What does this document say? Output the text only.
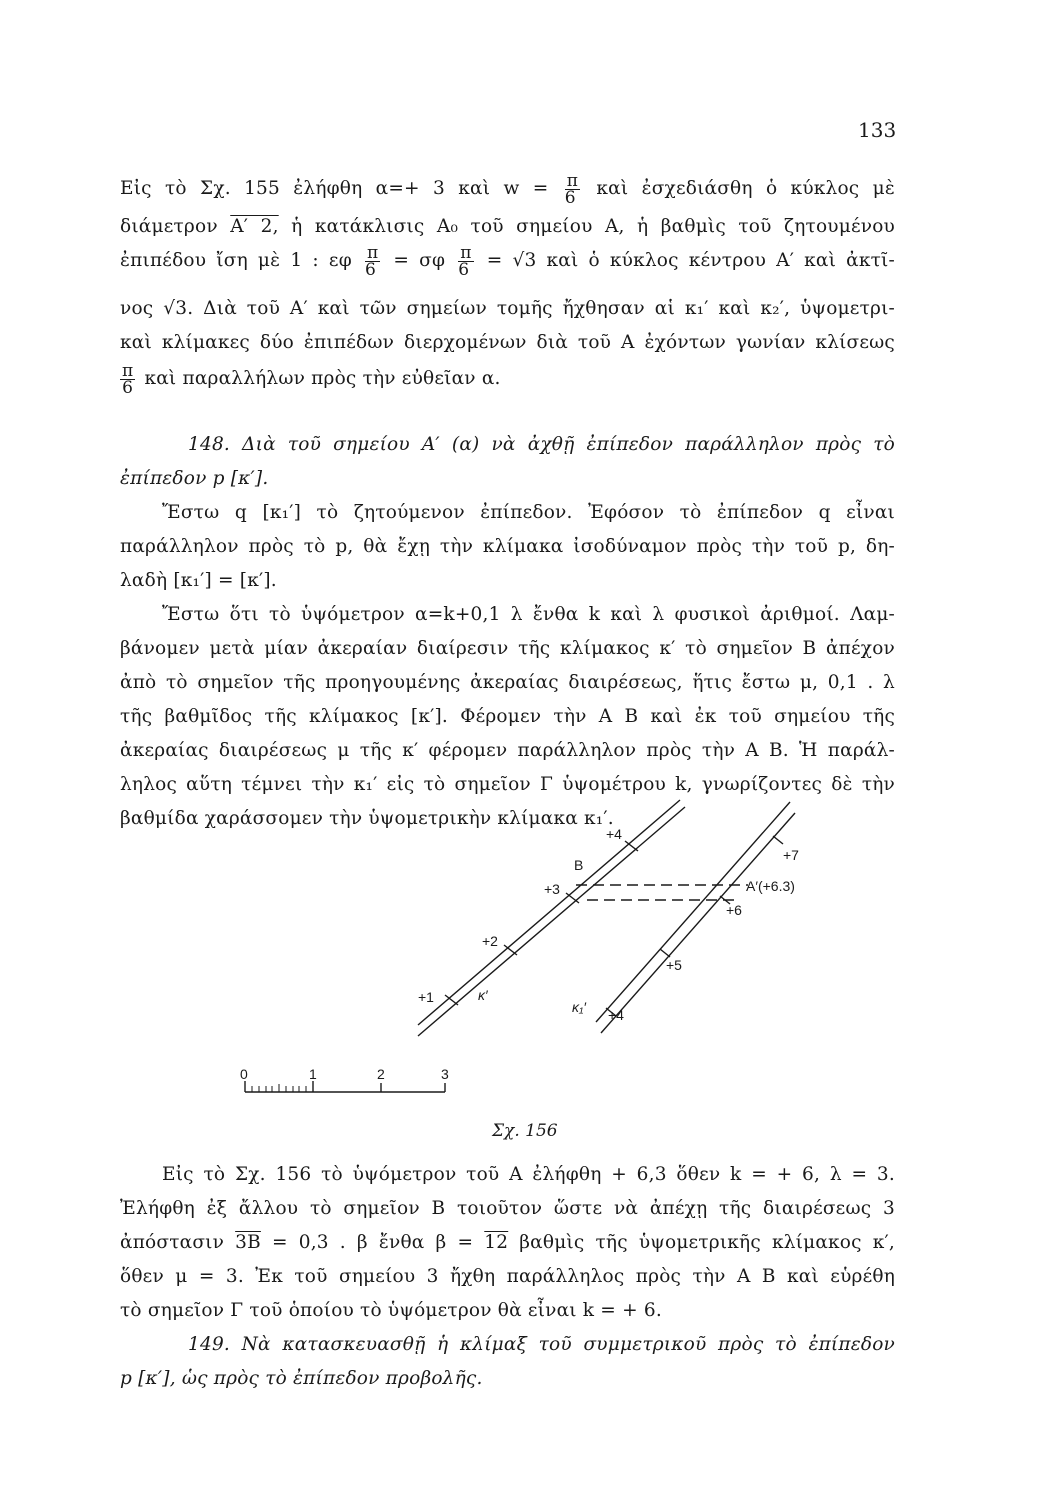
133
Εἰς τὸ Σχ. 155 ἐλήφθη α=+ 3 καὶ $w = \frac{\pi}{6}$ καὶ ἐσχεδιάσθη ὁ κύκλος μὲ
διάμετρον Α′ 2, ἡ κατάκλισις Α₀ τοῦ σημείου Α, ἡ βαθμὶς τοῦ ζητουμένου
ἐπιπέδου ἴση μὲ 1 : εφ $\frac{\pi}{6} = \sigma\varphi \frac{\pi}{6} = √3$ καὶ ὁ κύκλος κέντρου Α′ καὶ ἀκτῖ-
νος √3. Διὰ τοῦ Α′ καὶ τῶν σημείων τομῆς ἤχθησαν αἱ κ₁′ καὶ κ₂′, ὑψομετρι-
καὶ κλίμακες δύο ἐπιπέδων διερχομένων διὰ τοῦ Α ἐχόντων γωνίαν κλίσεως
$\frac{\pi}{6}$ καὶ παραλλήλων πρὸς τὴν εὐθεῖαν α.
148. Διὰ τοῦ σημείου Α′ (α) νὰ ἀχθῇ ἐπίπεδον παράλληλον πρὸς τὸ
ἐπίπεδον p [κ′].
Ἔστω q [κ₁′] τὸ ζητούμενον ἐπίπεδον. Ἐφόσον τὸ ἐπίπεδον q εἶναι
παράλληλον πρὸς τὸ p, θὰ ἔχῃ τὴν κλίμακα ἰσοδύναμον πρὸς τὴν τοῦ p, δη-
λαδὴ [κ₁′] = [κ′].
Ἔστω ὅτι τὸ ὑψόμετρον α=k+0,1 λ ἔνθα k καὶ λ φυσικοὶ ἀριθμοί. Λαμ-
βάνομεν μετὰ μίαν ἀκεραίαν διαίρεσιν τῆς κλίμακος κ′ τὸ σημεῖον Β ἀπέχον
ἀπὸ τὸ σημεῖον τῆς προηγουμένης ἀκεραίας διαιρέσεως, ἥτις ἔστω μ, 0,1 . λ
τῆς βαθμῖδος τῆς κλίμακος [κ′]. Φέρομεν τὴν Α Β καὶ ἐκ τοῦ σημείου τῆς
ἀκεραίας διαιρέσεως μ τῆς κ′ φέρομεν παράλληλον πρὸς τὴν Α Β. Ἡ παράλ-
ληλος αὕτη τέμνει τὴν κ₁′ εἰς τὸ σημεῖον Γ ὑψομέτρου k, γνωρίζοντες δὲ τὴν
βαθμίδα χαράσσομεν τὴν ὑψομετρικὴν κλίμακα κ₁′.
+1
+2
+3
+4
κ′
B
A′(+6.3)
+6
+5
+4
+7
κ₁′
0	1	2	3
Σχ. 156
Εἰς τὸ Σχ. 156 τὸ ὑψόμετρον τοῦ Α ἐλήφθη + 6,3 ὅθεν k = + 6, λ = 3.
Ἐλήφθη ἐξ ἄλλου τὸ σημεῖον Β τοιοῦτον ὥστε νὰ ἀπέχῃ τῆς διαιρέσεως 3
ἀπόστασιν 3Β = 0,3 . β ἔνθα β = 12 βαθμὶς τῆς ὑψομετρικῆς κλίμακος κ′,
ὅθεν μ = 3. Ἐκ τοῦ σημείου 3 ἤχθη παράλληλος πρὸς τὴν Α Β καὶ εὑρέθη
τὸ σημεῖον Γ τοῦ ὁποίου τὸ ὑψόμετρον θὰ εἶναι k = + 6.
149. Νὰ κατασκευασθῇ ἡ κλίμαξ τοῦ συμμετρικοῦ πρὸς τὸ ἐπίπεδον
p [κ′], ὡς πρὸς τὸ ἐπίπεδον προβολῆς.
